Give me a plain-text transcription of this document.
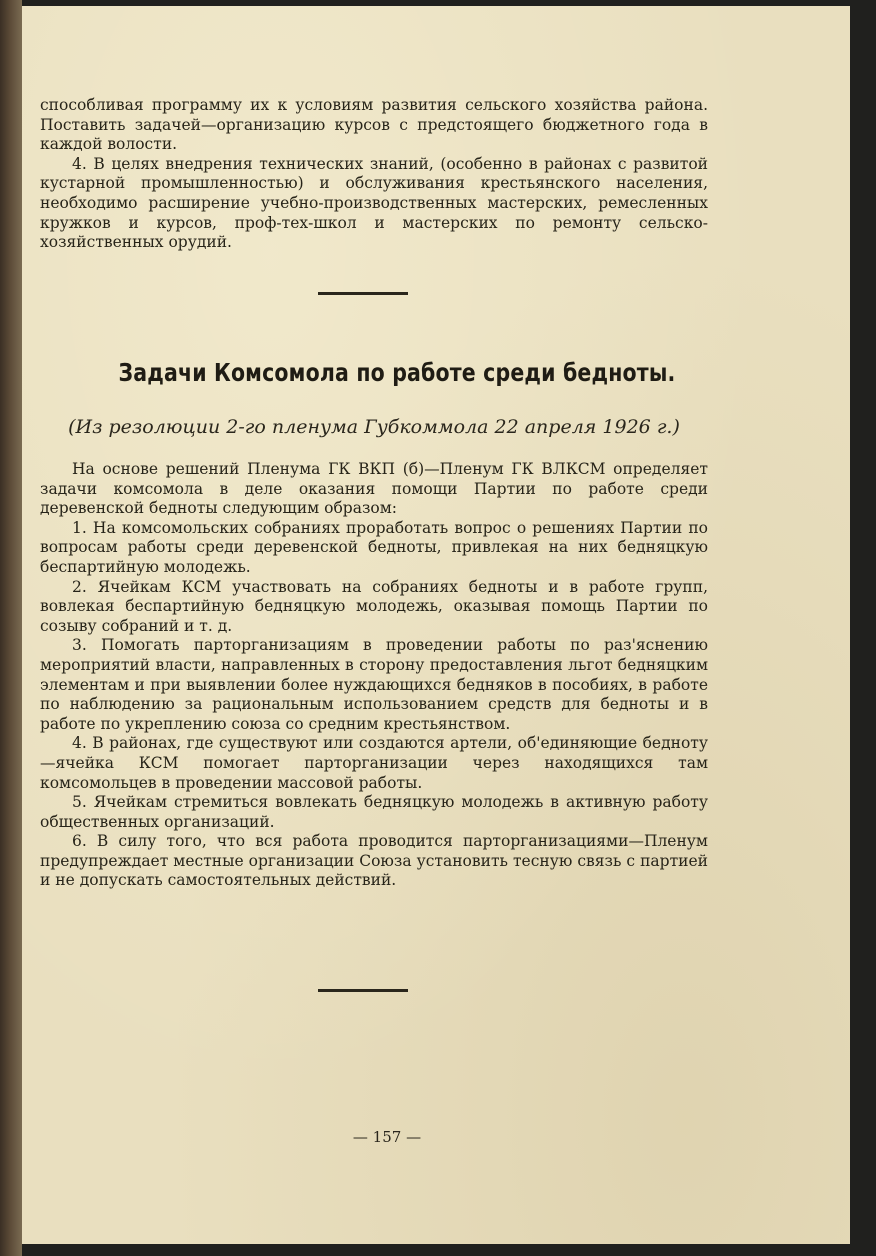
способливая программу их к условиям развития сельского хозяйства района. Поставить задачей—организацию курсов с предстоящего бюджетного года в каждой волости.

4. В целях внедрения технических знаний, (особенно в районах с развитой кустарной промышленностью) и обслуживания крестьянского населения, необходимо расширение учебно-производственных мастерских, ремесленных кружков и курсов, проф-тех-школ и мастерских по ремонту сельско-хозяйственных орудий.

Задачи Комсомола по работе среди бедноты.
(Из резолюции 2-го пленума Губкоммола 22 апреля 1926 г.)

На основе решений Пленума ГК ВКП (б)—Пленум ГК ВЛКСМ определяет задачи комсомола в деле оказания помощи Партии по работе среди деревенской бедноты следующим образом:

1. На комсомольских собраниях проработать вопрос о решениях Партии по вопросам работы среди деревенской бедноты, привлекая на них бедняцкую беспартийную молодежь.

2. Ячейкам КСМ участвовать на собраниях бедноты и в работе групп, вовлекая беспартийную бедняцкую молодежь, оказывая помощь Партии по созыву собраний и т. д.

3. Помогать парторганизациям в проведении работы по раз'яснению мероприятий власти, направленных в сторону предоставления льгот бедняцким элементам и при выявлении более нуждающихся бедняков в пособиях, в работе по наблюдению за рациональным использованием средств для бедноты и в работе по укреплению союза со средним крестьянством.

4. В районах, где существуют или создаются артели, об'единяющие бедноту—ячейка КСМ помогает парторганизации через находящихся там комсомольцев в проведении массовой работы.

5. Ячейкам стремиться вовлекать бедняцкую молодежь в активную работу общественных организаций.

6. В силу того, что вся работа проводится парторганизациями—Пленум предупреждает местные организации Союза установить тесную связь с партией и не допускать самостоятельных действий.

— 157 —
